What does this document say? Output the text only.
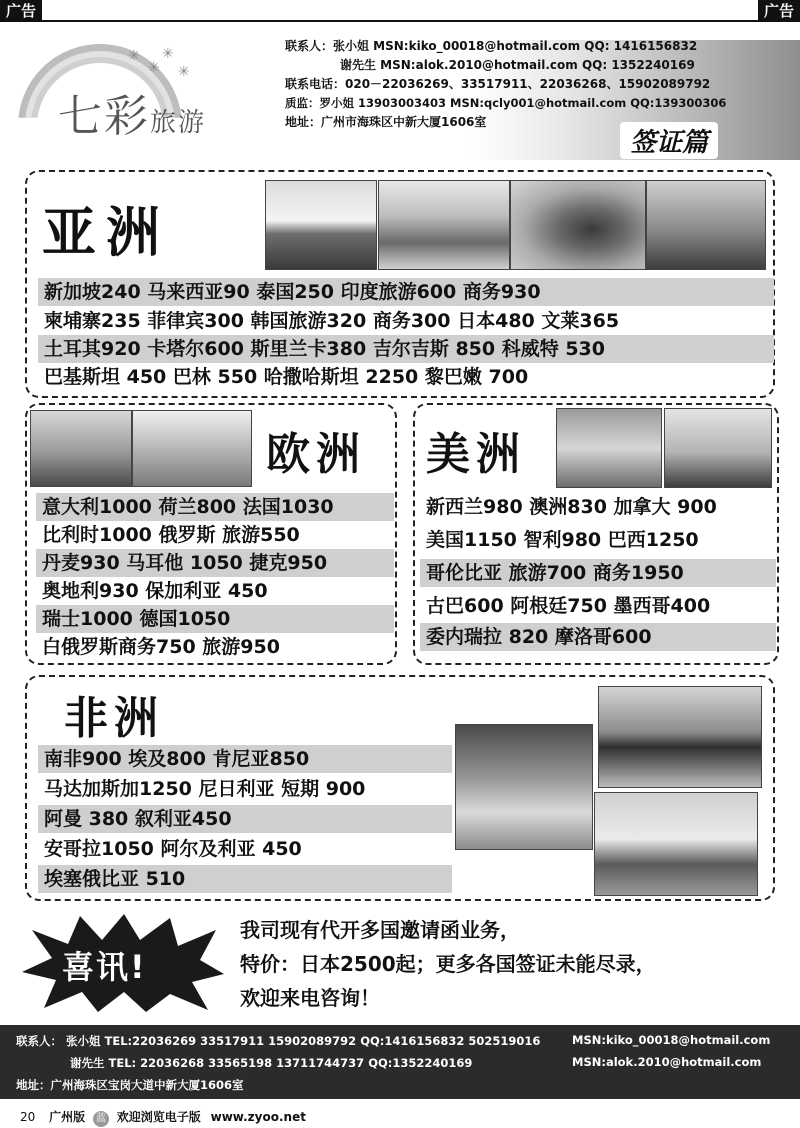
广告	广告
✳
✳
✳
✳
七彩旅游
联系人：张小姐 MSN:kiko_00018@hotmail.com QQ: 1416156832
谢先生 MSN:alok.2010@hotmail.com QQ: 1352240169
联系电话：020－22036269、33517911、22036268、15902089792
质监：罗小姐 13903003403 MSN:qcly001@hotmail.com QQ:139300306
地址：广州市海珠区中新大厦1606室
签证篇
亚洲
新加坡240 马来西亚90 泰国250 印度旅游600 商务930
柬埔寨235 菲律宾300 韩国旅游320 商务300 日本480 文莱365
土耳其920 卡塔尔600 斯里兰卡380 吉尔吉斯 850 科威特 530
巴基斯坦 450 巴林 550 哈撒哈斯坦 2250 黎巴嫩 700
欧洲
意大利1000 荷兰800 法国1030
比利时1000 俄罗斯 旅游550
丹麦930 马耳他 1050 捷克950
奥地利930 保加利亚 450
瑞士1000 德国1050
白俄罗斯商务750 旅游950
美洲
新西兰980 澳洲830 加拿大 900
美国1150 智利980 巴西1250
哥伦比亚 旅游700 商务1950
古巴600 阿根廷750 墨西哥400
委内瑞拉 820 摩洛哥600
非洲
南非900 埃及800 肯尼亚850
马达加斯加1250 尼日利亚 短期 900
阿曼 380 叙利亚450
安哥拉1050 阿尔及利亚 450
埃塞俄比亚 510
喜讯!
我司现有代开多国邀请函业务，
特价：日本2500起；更多各国签证未能尽录，
欢迎来电咨询！
联系人： 张小姐 TEL:22036269 33517911 15902089792 QQ:1416156832 502519016	MSN:kiko_00018@hotmail.com
谢先生 TEL: 22036268 33565198 13711744737 QQ:1352240169	MSN:alok.2010@hotmail.com
地址：广州海珠区宝岗大道中新大厦1606室
20 广州版 蓝 欢迎浏览电子版 www.zyoo.net
